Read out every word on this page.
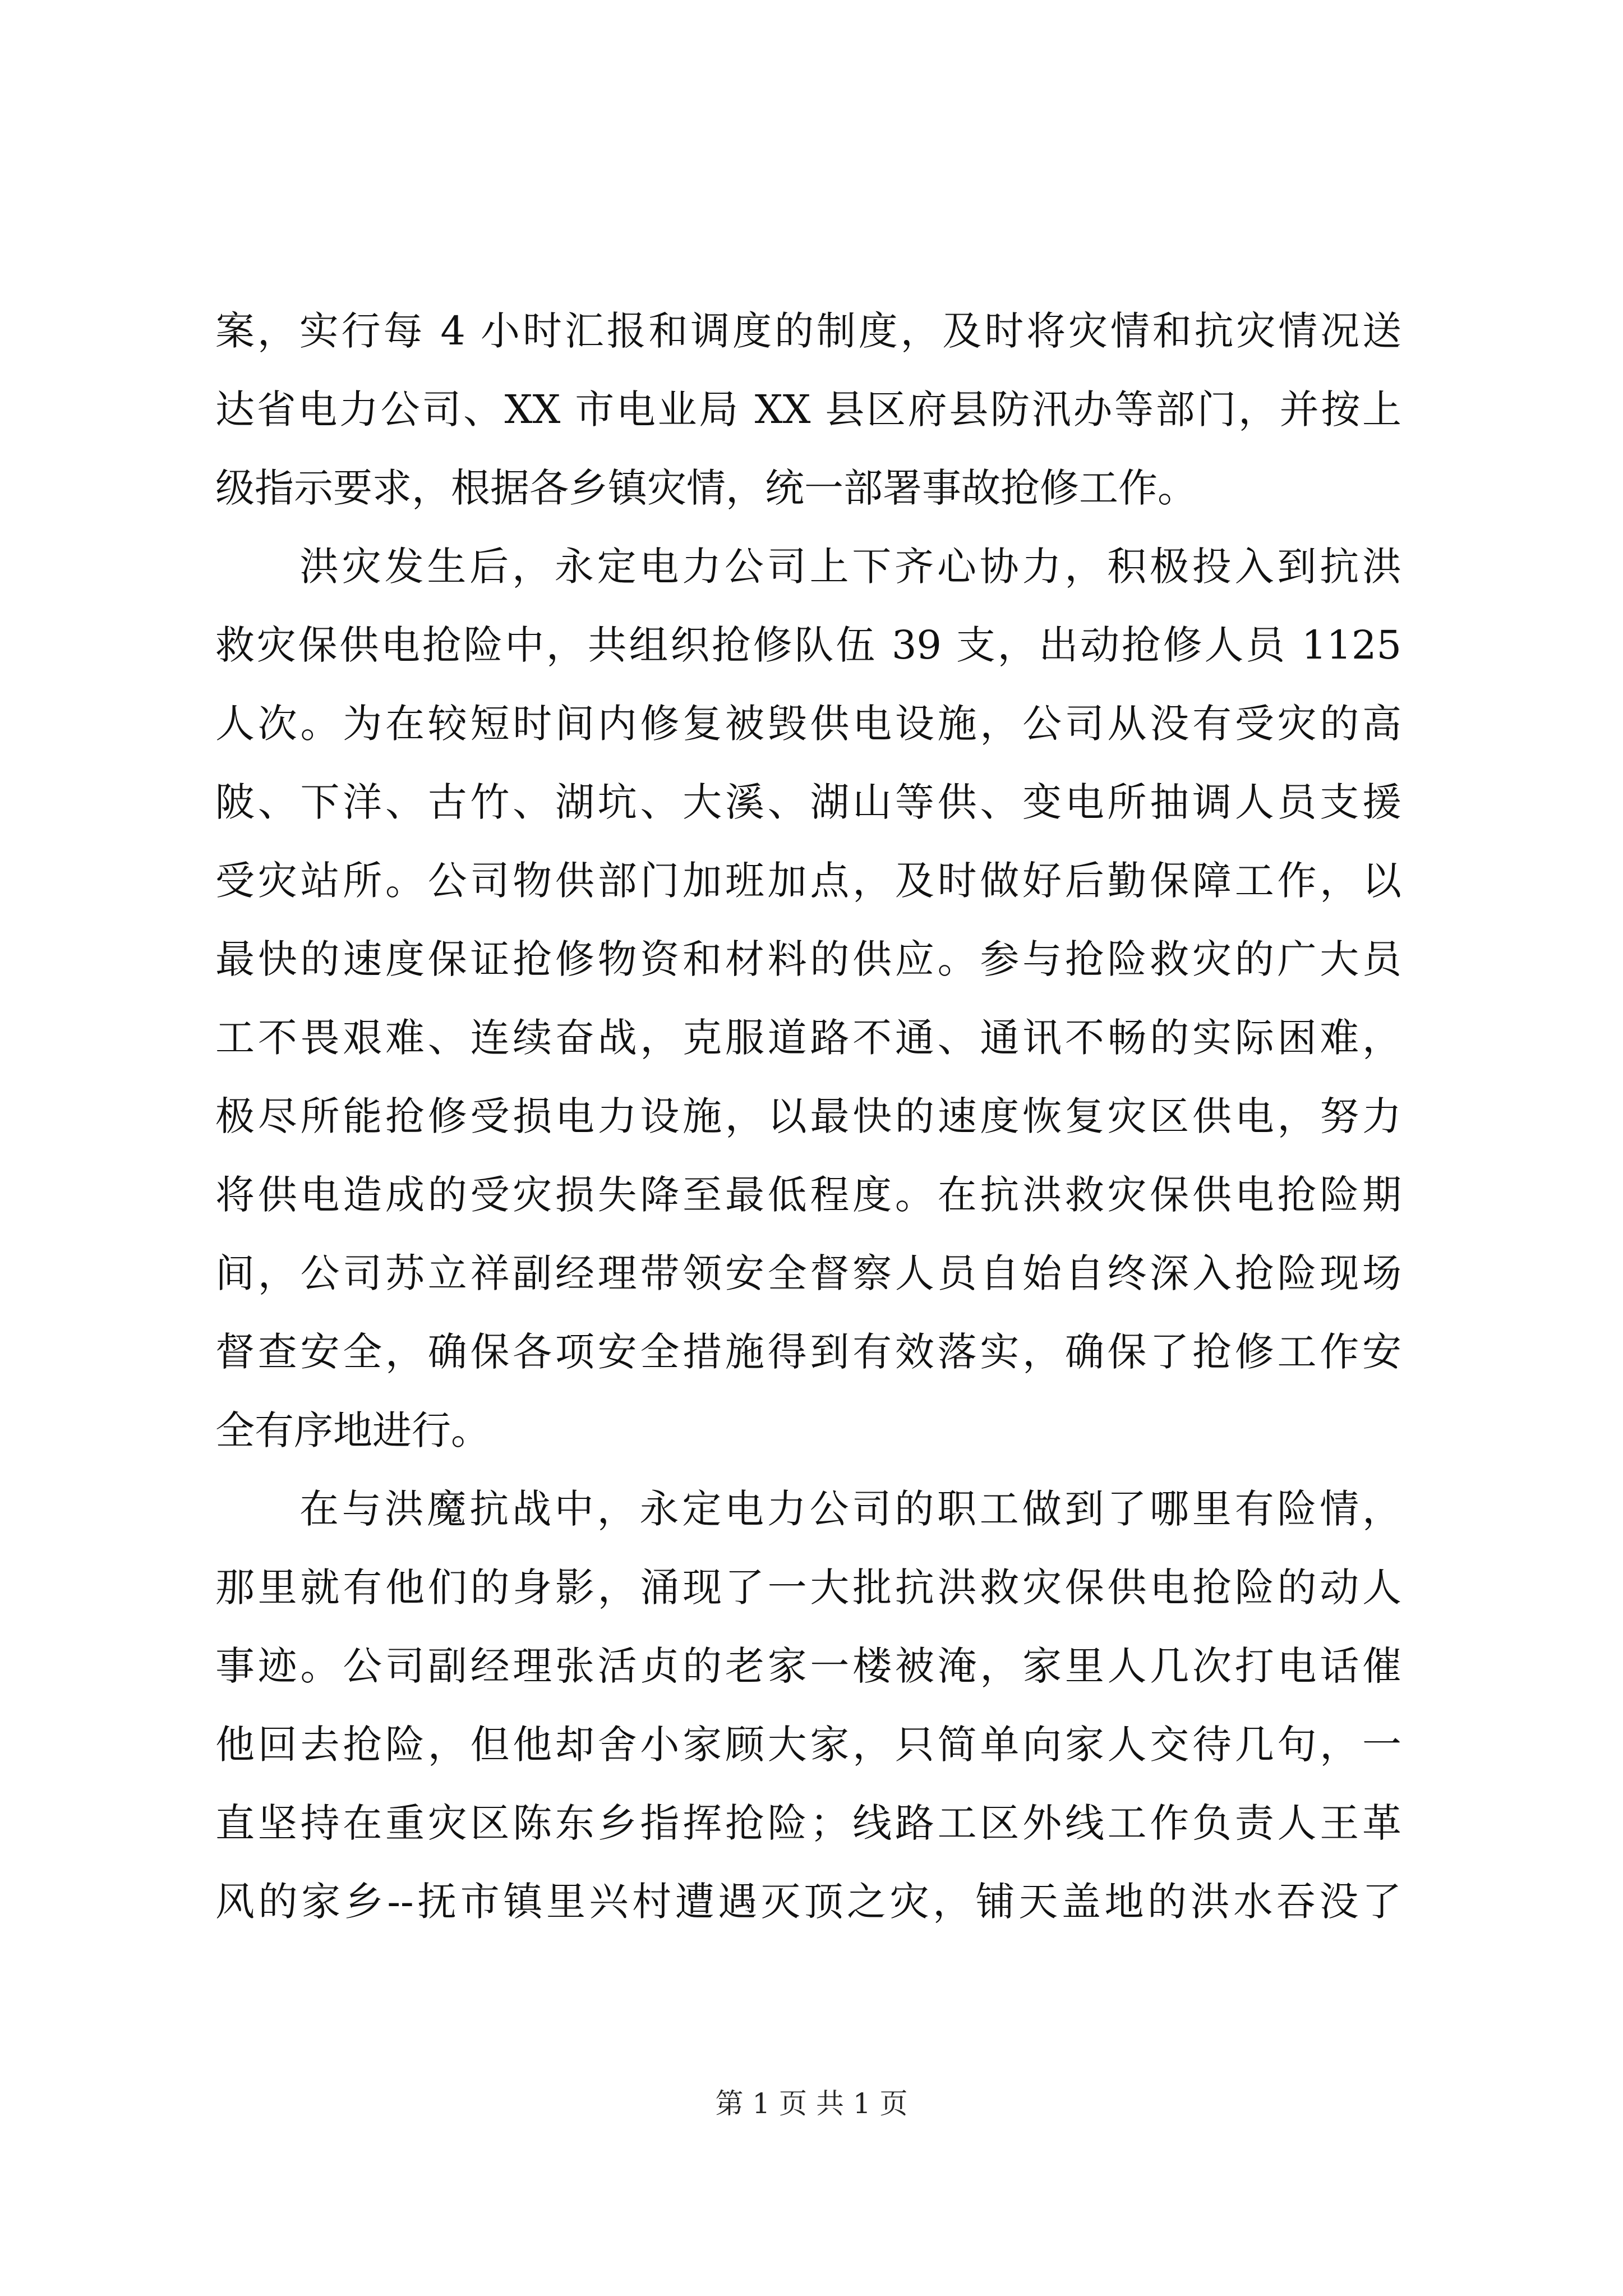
案，实行每 4 小时汇报和调度的制度，及时将灾情和抗灾情况送
达省电力公司、XX 市电业局 XX 县区府县防汛办等部门，并按上
级指示要求，根据各乡镇灾情，统一部署事故抢修工作。
洪灾发生后，永定电力公司上下齐心协力，积极投入到抗洪
救灾保供电抢险中，共组织抢修队伍 39 支，出动抢修人员 1125
人次。为在较短时间内修复被毁供电设施，公司从没有受灾的高
陂、下洋、古竹、湖坑、大溪、湖山等供、变电所抽调人员支援
受灾站所。公司物供部门加班加点，及时做好后勤保障工作，以
最快的速度保证抢修物资和材料的供应。参与抢险救灾的广大员
工不畏艰难、连续奋战，克服道路不通、通讯不畅的实际困难，
极尽所能抢修受损电力设施，以最快的速度恢复灾区供电，努力
将供电造成的受灾损失降至最低程度。在抗洪救灾保供电抢险期
间，公司苏立祥副经理带领安全督察人员自始自终深入抢险现场
督查安全，确保各项安全措施得到有效落实，确保了抢修工作安
全有序地进行。
在与洪魔抗战中，永定电力公司的职工做到了哪里有险情，
那里就有他们的身影，涌现了一大批抗洪救灾保供电抢险的动人
事迹。公司副经理张活贞的老家一楼被淹，家里人几次打电话催
他回去抢险，但他却舍小家顾大家，只简单向家人交待几句，一
直坚持在重灾区陈东乡指挥抢险；线路工区外线工作负责人王革
风的家乡--抚市镇里兴村遭遇灭顶之灾，铺天盖地的洪水吞没了
第 1 页 共 1 页
